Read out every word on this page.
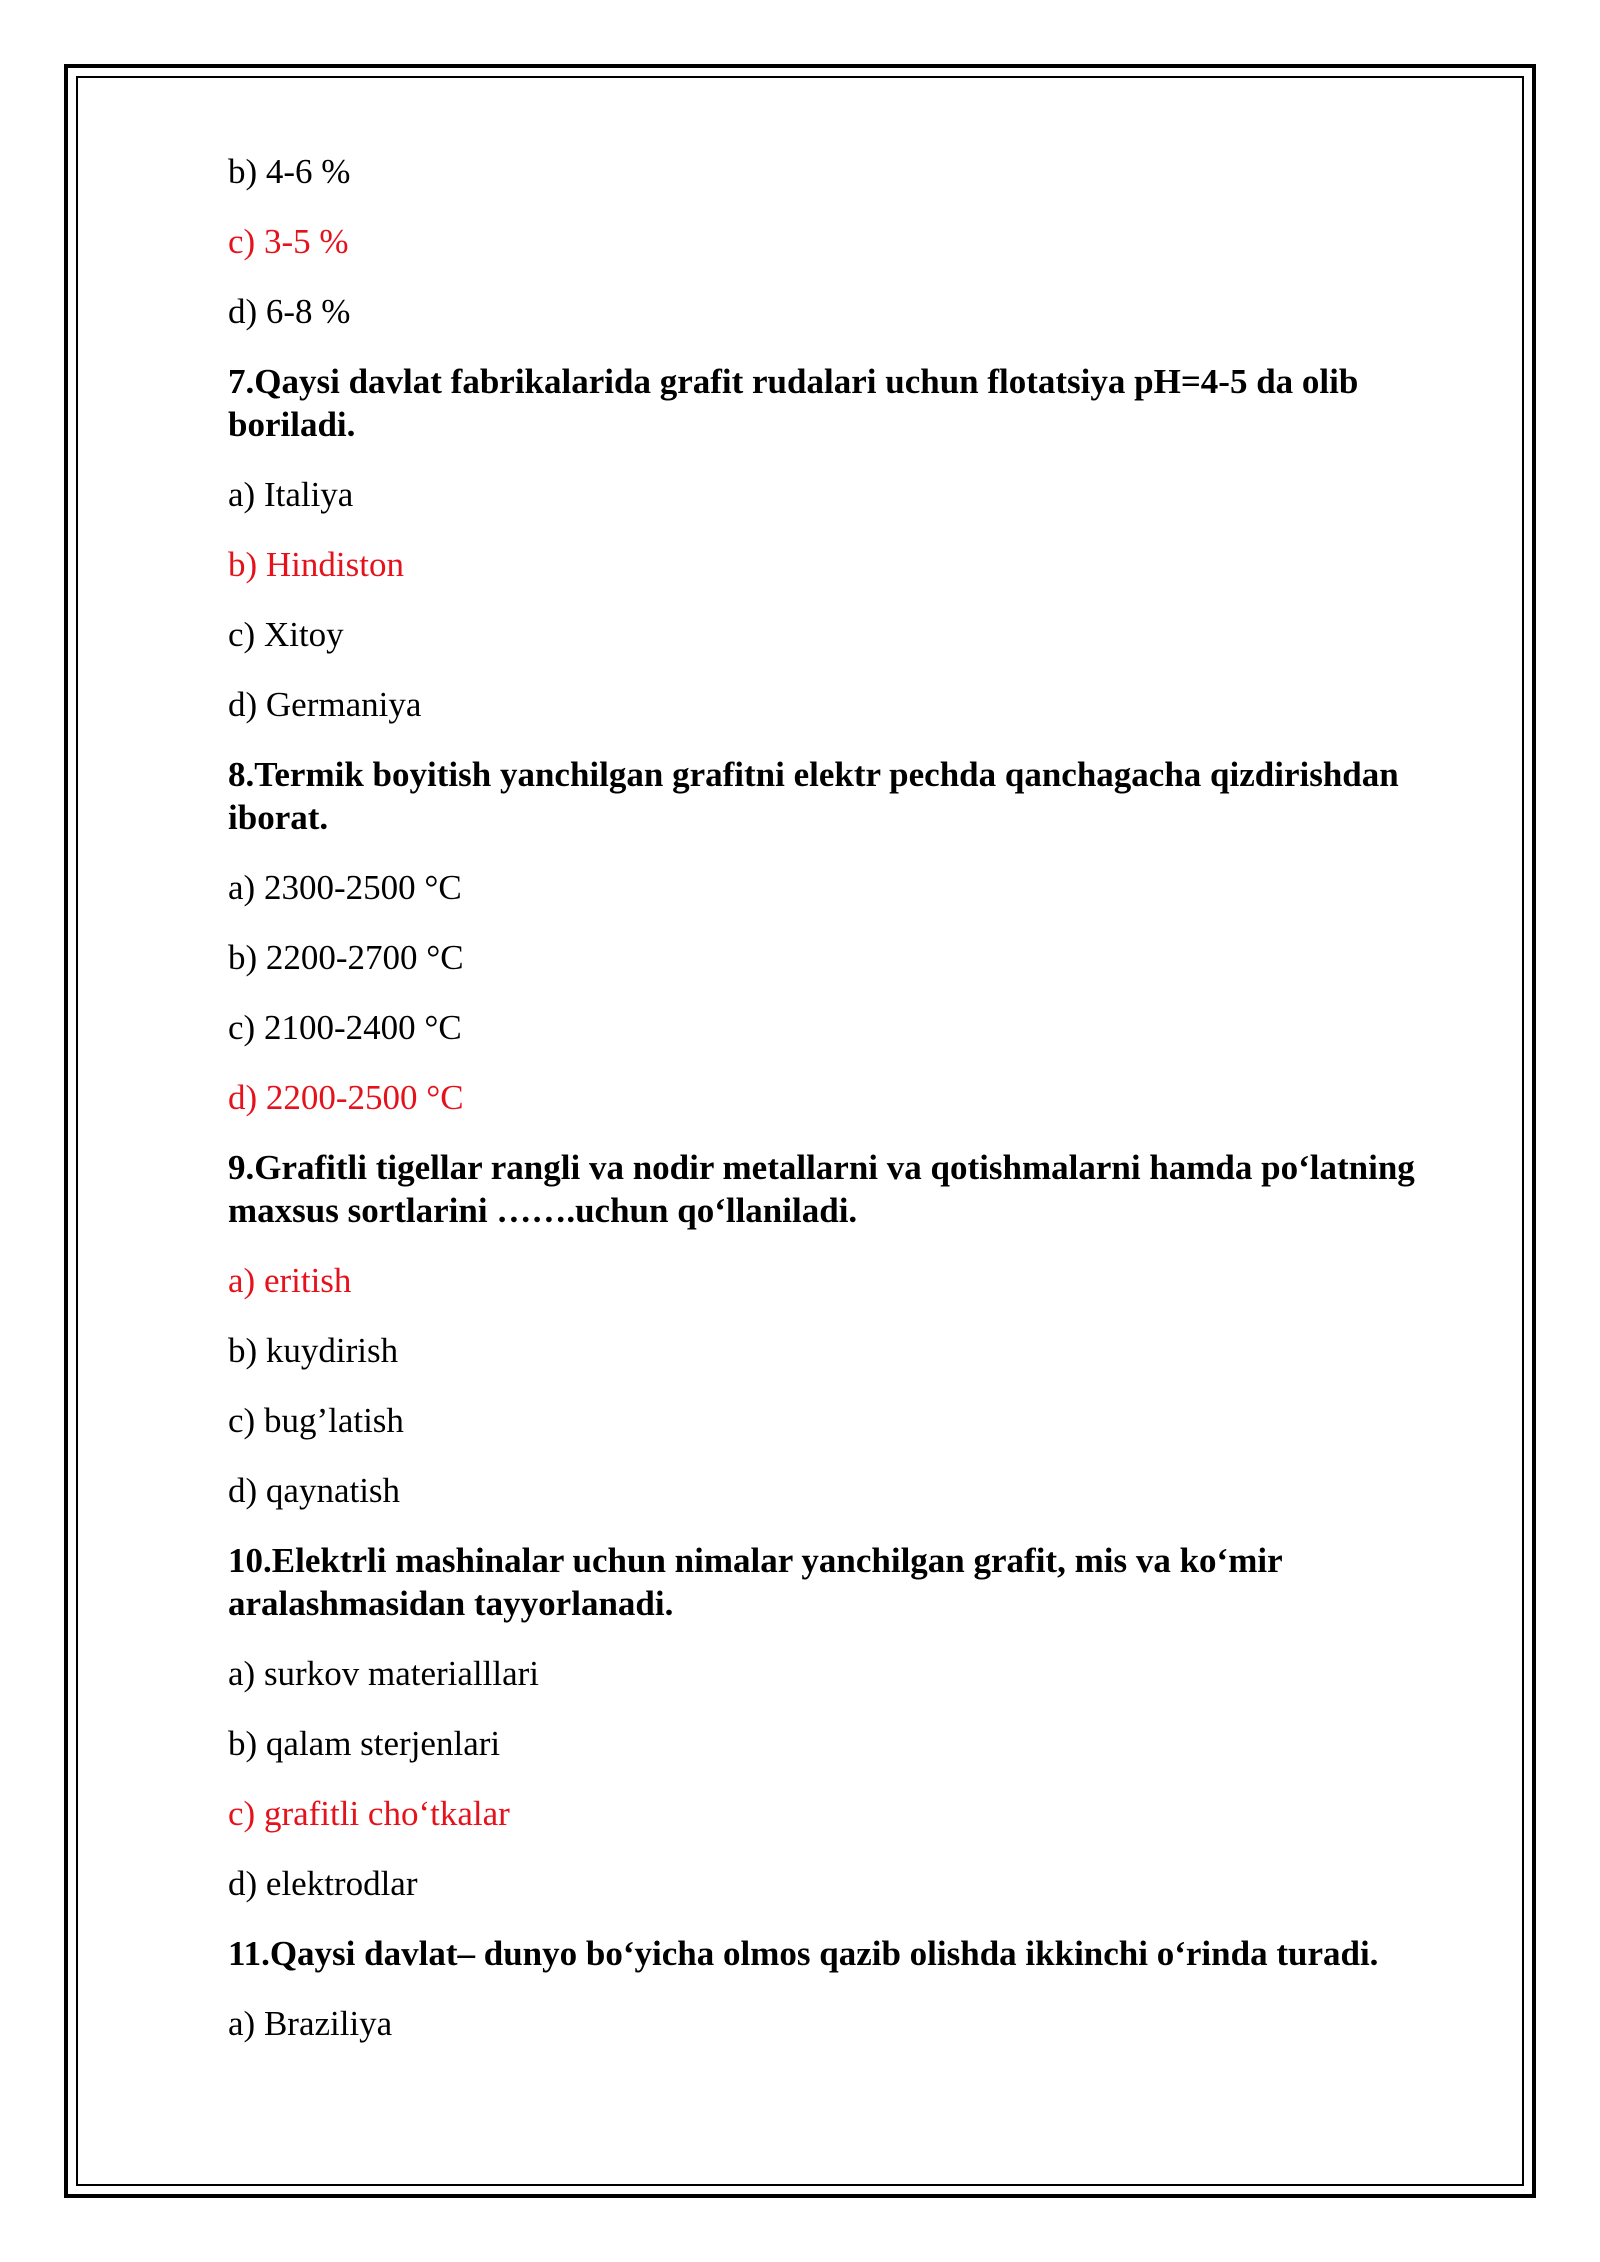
b) 4-6 %

c) 3-5 %

d) 6-8 %

7.Qaysi davlat fabrikalarida grafit rudalari uchun flotatsiya pH=4-5 da olib boriladi.

a) Italiya

b) Hindiston

c) Xitoy

d) Germaniya

8.Termik boyitish yanchilgan grafitni elektr pechda qanchagacha qizdirishdan iborat.

a) 2300-2500 °C

b) 2200-2700 °C

c) 2100-2400 °C

d) 2200-2500 °C

9.Grafitli tigellar rangli va nodir metallarni va qotishmalarni hamda po‘latning maxsus sortlarini …….uchun qo‘llaniladi.

a) eritish

b) kuydirish

c) bug’latish

d) qaynatish

10.Elektrli mashinalar uchun nimalar yanchilgan grafit, mis va ko‘mir aralashmasidan tayyorlanadi.

a) surkov materialllari

b) qalam sterjenlari

c) grafitli cho‘tkalar

d) elektrodlar

11.Qaysi davlat– dunyo bo‘yicha olmos qazib olishda ikkinchi o‘rinda turadi.

a) Braziliya
